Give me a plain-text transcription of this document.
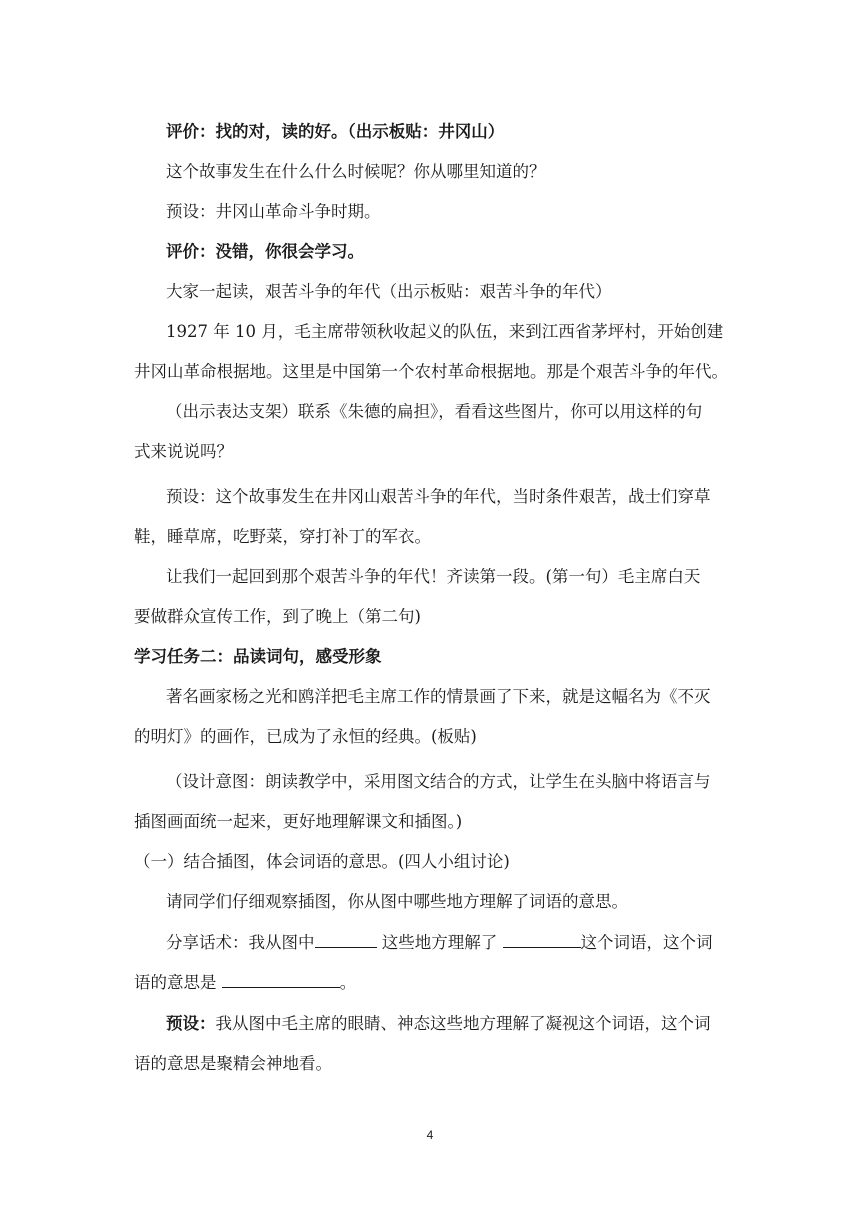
评价：找的对，读的好。（出示板贴：井冈山）
这个故事发生在什么什么时候呢？你从哪里知道的？
预设：井冈山革命斗争时期。
评价：没错，你很会学习。
大家一起读，艰苦斗争的年代（出示板贴：艰苦斗争的年代）
1927 年 10 月，毛主席带领秋收起义的队伍，来到江西省茅坪村，开始创建
井冈山革命根据地。这里是中国第一个农村革命根据地。那是个艰苦斗争的年代。
（出示表达支架）联系《朱德的扁担》，看看这些图片，你可以用这样的句
式来说说吗？
预设：这个故事发生在井冈山艰苦斗争的年代，当时条件艰苦，战士们穿草
鞋，睡草席，吃野菜，穿打补丁的军衣。
让我们一起回到那个艰苦斗争的年代！齐读第一段。(第一句）毛主席白天
要做群众宣传工作，到了晚上（第二句)
学习任务二：品读词句，感受形象
著名画家杨之光和鸥洋把毛主席工作的情景画了下来，就是这幅名为《不灭
的明灯》的画作，已成为了永恒的经典。(板贴)
（设计意图：朗读教学中，采用图文结合的方式，让学生在头脑中将语言与
插图画面统一起来，更好地理解课文和插图。)
（一）结合插图，体会词语的意思。(四人小组讨论)
请同学们仔细观察插图，你从图中哪些地方理解了词语的意思。
分享话术：我从图中	这些地方理解了	这个词语，这个词
语的意思是	。
预设：我从图中毛主席的眼睛、神态这些地方理解了凝视这个词语，这个词
语的意思是聚精会神地看。
4
